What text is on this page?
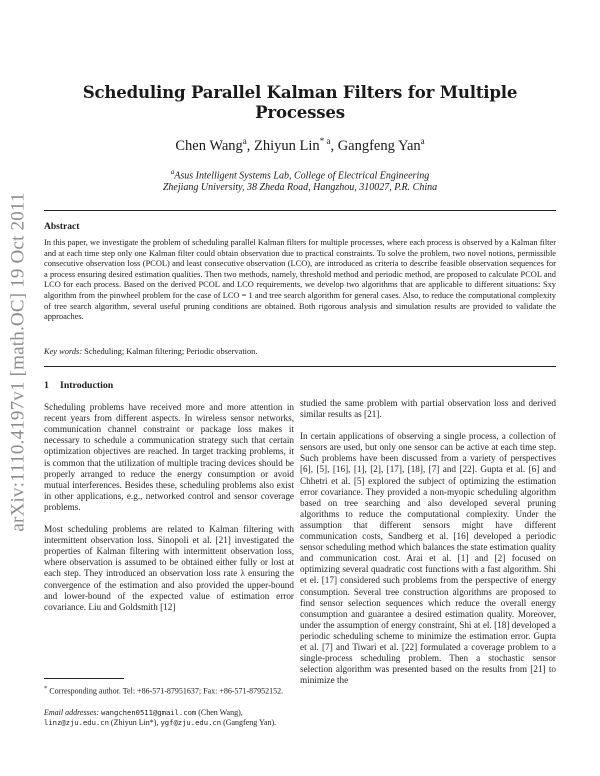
arXiv:1110.4197v1 [math.OC] 19 Oct 2011
Scheduling Parallel Kalman Filters for Multiple Processes
Chen Wang$^a$, Zhiyun Lin$^{* a}$, Gangfeng Yan$^a$
$^a$Asus Intelligent Systems Lab, College of Electrical Engineering
Zhejiang University, 38 Zheda Road, Hangzhou, 310027, P.R. China
Abstract

In this paper, we investigate the problem of scheduling parallel Kalman filters for multiple processes, where each process is observed by a Kalman filter and at each time step only one Kalman filter could obtain observation due to practical constraints. To solve the problem, two novel notions, permissible consecutive observation loss (PCOL) and least consecutive observation (LCO), are introduced as criteria to describe feasible observation sequences for a process ensuring desired estimation qualities. Then two methods, namely, threshold method and periodic method, are proposed to calculate PCOL and LCO for each process. Based on the derived PCOL and LCO requirements, we develop two algorithms that are applicable to different situations: Sxy algorithm from the pinwheel problem for the case of LCO = 1 and tree search algorithm for general cases. Also, to reduce the computational complexity of tree search algorithm, several useful pruning conditions are obtained. Both rigorous analysis and simulation results are provided to validate the approaches.

Key words: Scheduling; Kalman filtering; Periodic observation.
1 Introduction

Scheduling problems have received more and more attention in recent years from different aspects. In wireless sensor networks, communication channel constraint or package loss makes it necessary to schedule a communication strategy such that certain optimization objectives are reached. In target tracking problems, it is common that the utilization of multiple tracing devices should be properly arranged to reduce the energy consumption or avoid mutual interferences. Besides these, scheduling problems also exist in other applications, e.g., networked control and sensor coverage problems.

Most scheduling problems are related to Kalman filtering with intermittent observation loss. Sinopoli et al. [21] investigated the properties of Kalman filtering with intermittent observation loss, where observation is assumed to be obtained either fully or lost at each step. They introduced an observation loss rate λ ensuring the convergence of the estimation and also provided the upper-bound and lower-bound of the expected value of estimation error covariance. Liu and Goldsmith [12]

studied the same problem with partial observation loss and derived similar results as [21].

In certain applications of observing a single process, a collection of sensors are used, but only one sensor can be active at each time step. Such problems have been discussed from a variety of perspectives [6], [5], [16], [1], [2], [17], [18], [7] and [22]. Gupta et al. [6] and Chhetri et al. [5] explored the subject of optimizing the estimation error covariance. They provided a non-myopic scheduling algorithm based on tree searching and also developed several pruning algorithms to reduce the computational complexity. Under the assumption that different sensors might have different communication costs, Sandberg et al. [16] developed a periodic sensor scheduling method which balances the state estimation quality and communication cost. Arai et al. [1] and [2] focused on optimizing several quadratic cost functions with a fast algorithm. Shi et el. [17] considered such problems from the perspective of energy consumption. Several tree construction algorithms are proposed to find sensor selection sequences which reduce the overall energy consumption and guarantee a desired estimation quality. Moreover, under the assumption of energy constraint, Shi at el. [18] developed a periodic scheduling scheme to minimize the estimation error. Gupta et al. [7] and Tiwari et al. [22] formulated a coverage problem to a single-process scheduling problem. Then a stochastic sensor selection algorithm was presented based on the results from [21] to minimize the

* Corresponding author. Tel: +86-571-87951637; Fax: +86-571-87952152.
Email addresses: wangchen0511@gmail.com (Chen Wang), linz@zju.edu.cn (Zhiyun Lin*), ygf@zju.edu.cn (Gangfeng Yan).
